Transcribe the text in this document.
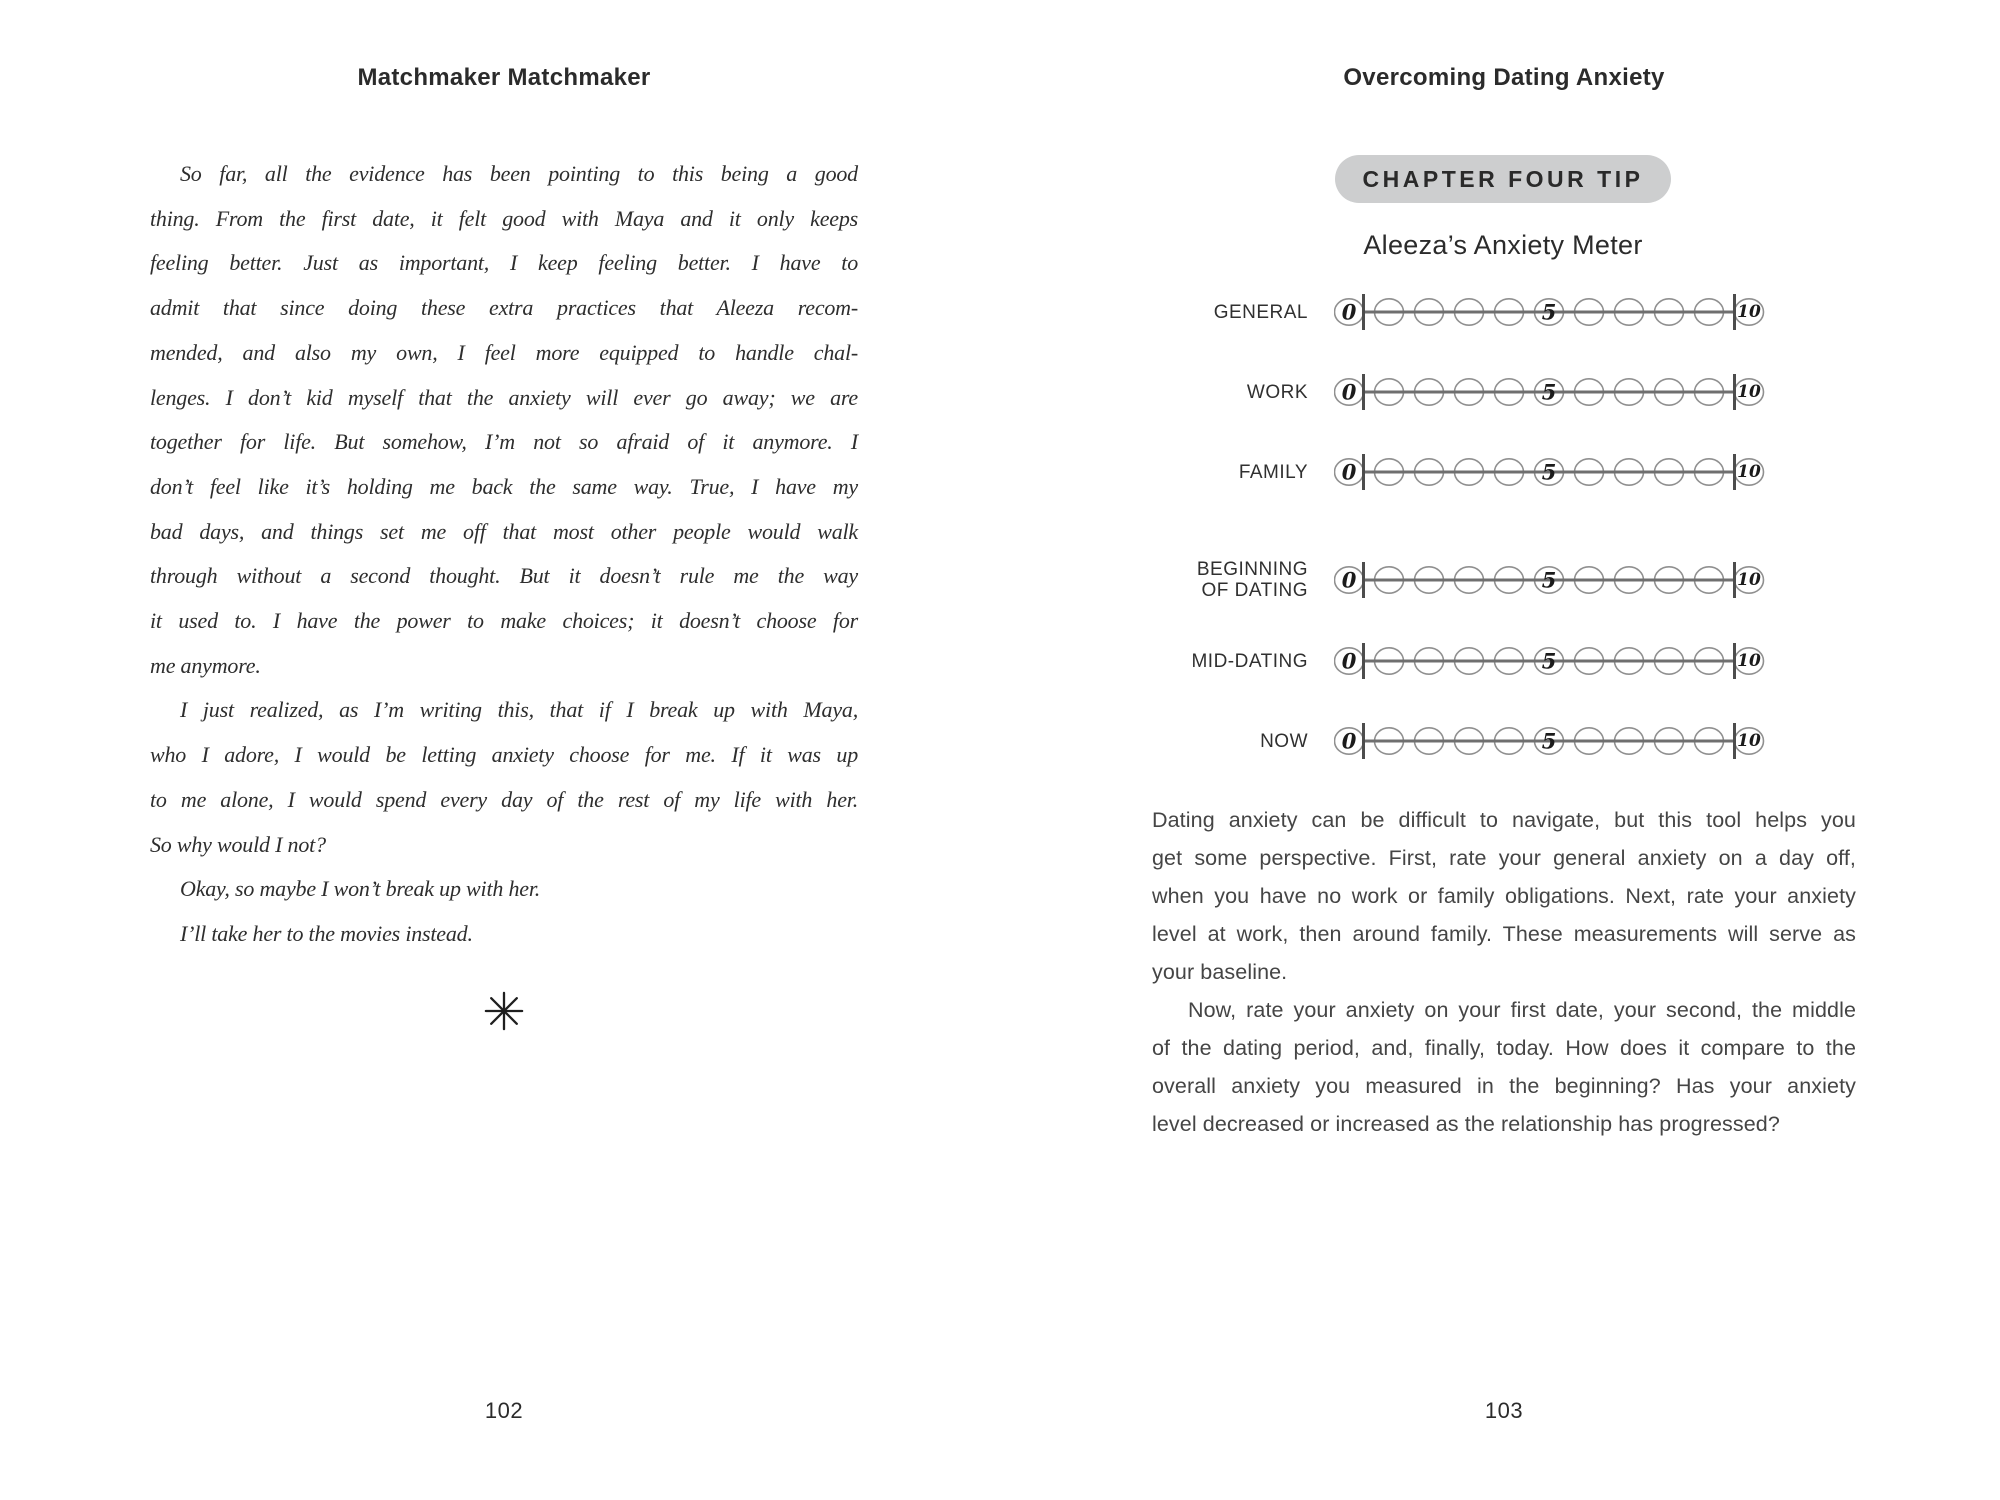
Matchmaker Matchmaker
So far, all the evidence has been pointing to this being a good
thing. From the first date, it felt good with Maya and it only keeps
feeling better. Just as important, I keep feeling better. I have to
admit that since doing these extra practices that Aleeza recom-
mended, and also my own, I feel more equipped to handle chal-
lenges. I don’t kid myself that the anxiety will ever go away; we are
together for life. But somehow, I’m not so afraid of it anymore. I
don’t feel like it’s holding me back the same way. True, I have my
bad days, and things set me off that most other people would walk
through without a second thought. But it doesn’t rule me the way
it used to. I have the power to make choices; it doesn’t choose for
me anymore.
I just realized, as I’m writing this, that if I break up with Maya,
who I adore, I would be letting anxiety choose for me. If it was up
to me alone, I would spend every day of the rest of my life with her.
So why would I not?
Okay, so maybe I won’t break up with her.
I’ll take her to the movies instead.
102
Overcoming Dating Anxiety
CHAPTER FOUR TIP
Aleeza’s Anxiety Meter
GENERAL 0	5	10
WORK 0	5	10
FAMILY 0	5	10
BEGINNING
OF DATING 0	5	10
MID-DATING 0	5	10
NOW 0	5	10
Dating anxiety can be difficult to navigate, but this tool helps you
get some perspective. First, rate your general anxiety on a day off,
when you have no work or family obligations. Next, rate your anxiety
level at work, then around family. These measurements will serve as
your baseline.
Now, rate your anxiety on your first date, your second, the middle
of the dating period, and, finally, today. How does it compare to the
overall anxiety you measured in the beginning? Has your anxiety
level decreased or increased as the relationship has progressed?
103
